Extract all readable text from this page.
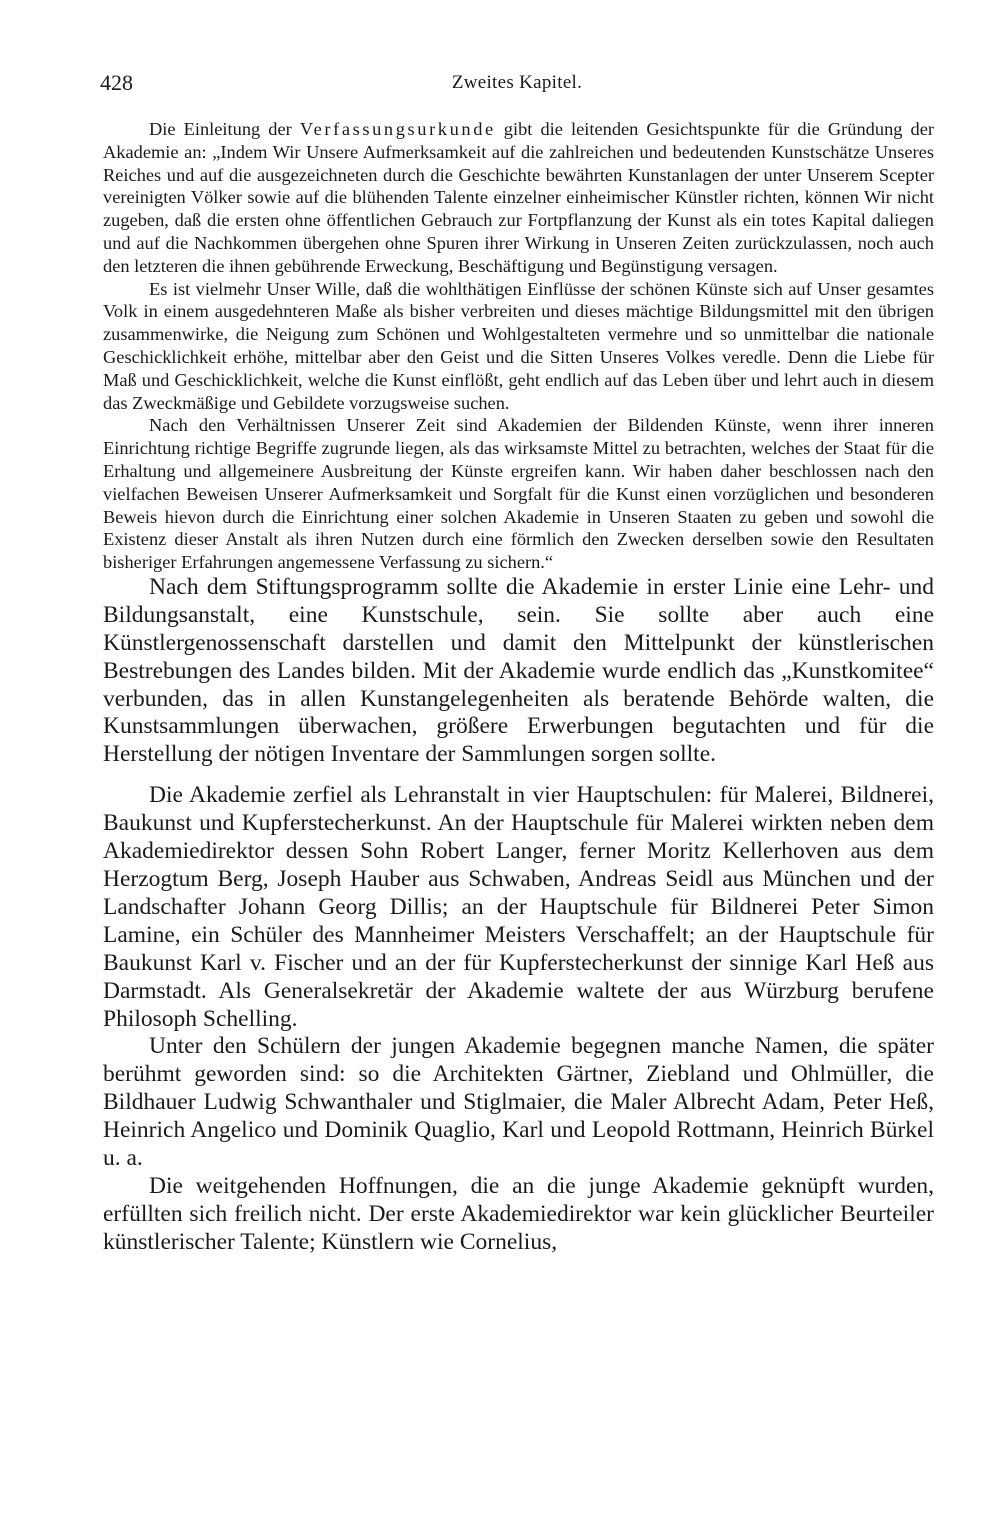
428	Zweites Kapitel.

Die Einleitung der Verfassungsurkunde gibt die leitenden Gesichtspunkte für die Gründung der Akademie an: „Indem Wir Unsere Aufmerksamkeit auf die zahlreichen und bedeutenden Kunstschätze Unseres Reiches und auf die ausgezeichneten durch die Geschichte bewährten Kunstanlagen der unter Unserem Scepter vereinigten Völker sowie auf die blühenden Talente einzelner einheimischer Künstler richten, können Wir nicht zugeben, daß die ersten ohne öffentlichen Gebrauch zur Fortpflanzung der Kunst als ein totes Kapital daliegen und auf die Nachkommen übergehen ohne Spuren ihrer Wirkung in Unseren Zeiten zurückzulassen, noch auch den letzteren die ihnen gebührende Erweckung, Beschäftigung und Begünstigung versagen.

Es ist vielmehr Unser Wille, daß die wohlthätigen Einflüsse der schönen Künste sich auf Unser gesamtes Volk in einem ausgedehnteren Maße als bisher verbreiten und dieses mächtige Bildungsmittel mit den übrigen zusammenwirke, die Neigung zum Schönen und Wohlgestalteten vermehre und so unmittelbar die nationale Geschicklichkeit erhöhe, mittelbar aber den Geist und die Sitten Unseres Volkes veredle. Denn die Liebe für Maß und Geschicklichkeit, welche die Kunst einflößt, geht endlich auf das Leben über und lehrt auch in diesem das Zweckmäßige und Gebildete vorzugsweise suchen.

Nach den Verhältnissen Unserer Zeit sind Akademien der Bildenden Künste, wenn ihrer inneren Einrichtung richtige Begriffe zugrunde liegen, als das wirksamste Mittel zu betrachten, welches der Staat für die Erhaltung und allgemeinere Ausbreitung der Künste ergreifen kann. Wir haben daher beschlossen nach den vielfachen Beweisen Unserer Aufmerksamkeit und Sorgfalt für die Kunst einen vorzüglichen und besonderen Beweis hievon durch die Einrichtung einer solchen Akademie in Unseren Staaten zu geben und sowohl die Existenz dieser Anstalt als ihren Nutzen durch eine förmlich den Zwecken derselben sowie den Resultaten bisheriger Erfahrungen angemessene Verfassung zu sichern.“

Nach dem Stiftungsprogramm sollte die Akademie in erster Linie eine Lehr- und Bildungsanstalt, eine Kunstschule, sein. Sie sollte aber auch eine Künstlergenossenschaft darstellen und damit den Mittelpunkt der künstlerischen Bestrebungen des Landes bilden. Mit der Akademie wurde endlich das „Kunstkomitee“ verbunden, das in allen Kunstangelegenheiten als beratende Behörde walten, die Kunstsammlungen überwachen, größere Erwerbungen begutachten und für die Herstellung der nötigen Inventare der Sammlungen sorgen sollte.

Die Akademie zerfiel als Lehranstalt in vier Hauptschulen: für Malerei, Bildnerei, Baukunst und Kupferstecherkunst. An der Hauptschule für Malerei wirkten neben dem Akademiedirektor dessen Sohn Robert Langer, ferner Moritz Kellerhoven aus dem Herzogtum Berg, Joseph Hauber aus Schwaben, Andreas Seidl aus München und der Landschafter Johann Georg Dillis; an der Hauptschule für Bildnerei Peter Simon Lamine, ein Schüler des Mannheimer Meisters Verschaffelt; an der Hauptschule für Baukunst Karl v. Fischer und an der für Kupferstecherkunst der sinnige Karl Heß aus Darmstadt. Als Generalsekretär der Akademie waltete der aus Würzburg berufene Philosoph Schelling.

Unter den Schülern der jungen Akademie begegnen manche Namen, die später berühmt geworden sind: so die Architekten Gärtner, Ziebland und Ohlmüller, die Bildhauer Ludwig Schwanthaler und Stiglmaier, die Maler Albrecht Adam, Peter Heß, Heinrich Angelico und Dominik Quaglio, Karl und Leopold Rottmann, Heinrich Bürkel u. a.

Die weitgehenden Hoffnungen, die an die junge Akademie geknüpft wurden, erfüllten sich freilich nicht. Der erste Akademiedirektor war kein glücklicher Beurteiler künstlerischer Talente; Künstlern wie Cornelius,
